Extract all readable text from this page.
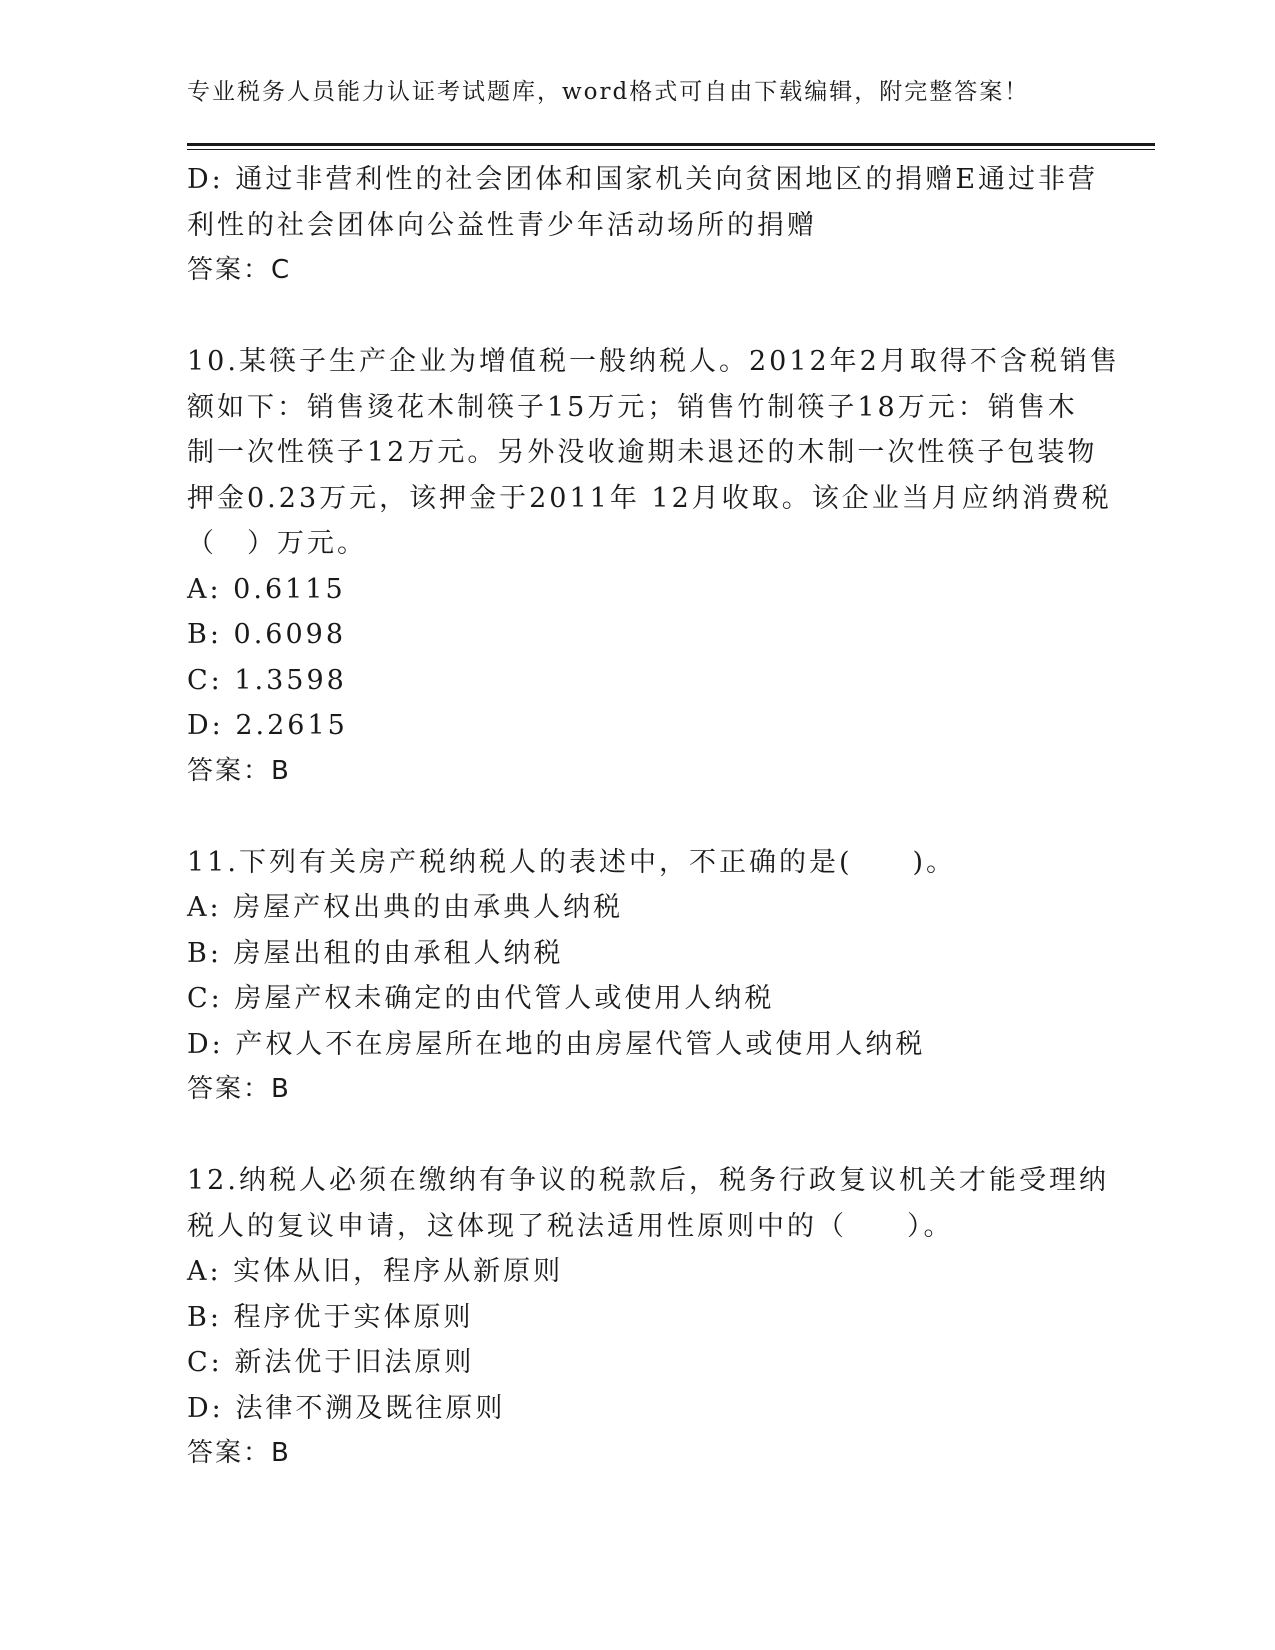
专业税务人员能力认证考试题库，word格式可自由下载编辑，附完整答案！

D: 通过非营利性的社会团体和国家机关向贫困地区的捐赠E通过非营

利性的社会团体向公益性青少年活动场所的捐赠

答案：C

10.某筷子生产企业为增值税一般纳税人。2012年2月取得不含税销售

额如下：销售烫花木制筷子15万元；销售竹制筷子18万元：销售木

制一次性筷子12万元。另外没收逾期未退还的木制一次性筷子包装物

押金0.23万元，该押金于2011年 12月收取。该企业当月应纳消费税

（　）万元。

A: 0.6115

B: 0.6098

C: 1.3598

D: 2.2615

答案：B

11.下列有关房产税纳税人的表述中，不正确的是(　　)。

A: 房屋产权出典的由承典人纳税

B: 房屋出租的由承租人纳税

C: 房屋产权未确定的由代管人或使用人纳税

D: 产权人不在房屋所在地的由房屋代管人或使用人纳税

答案：B

12.纳税人必须在缴纳有争议的税款后，税务行政复议机关才能受理纳

税人的复议申请，这体现了税法适用性原则中的（　　）。

A: 实体从旧，程序从新原则

B: 程序优于实体原则

C: 新法优于旧法原则

D: 法律不溯及既往原则

答案：B
